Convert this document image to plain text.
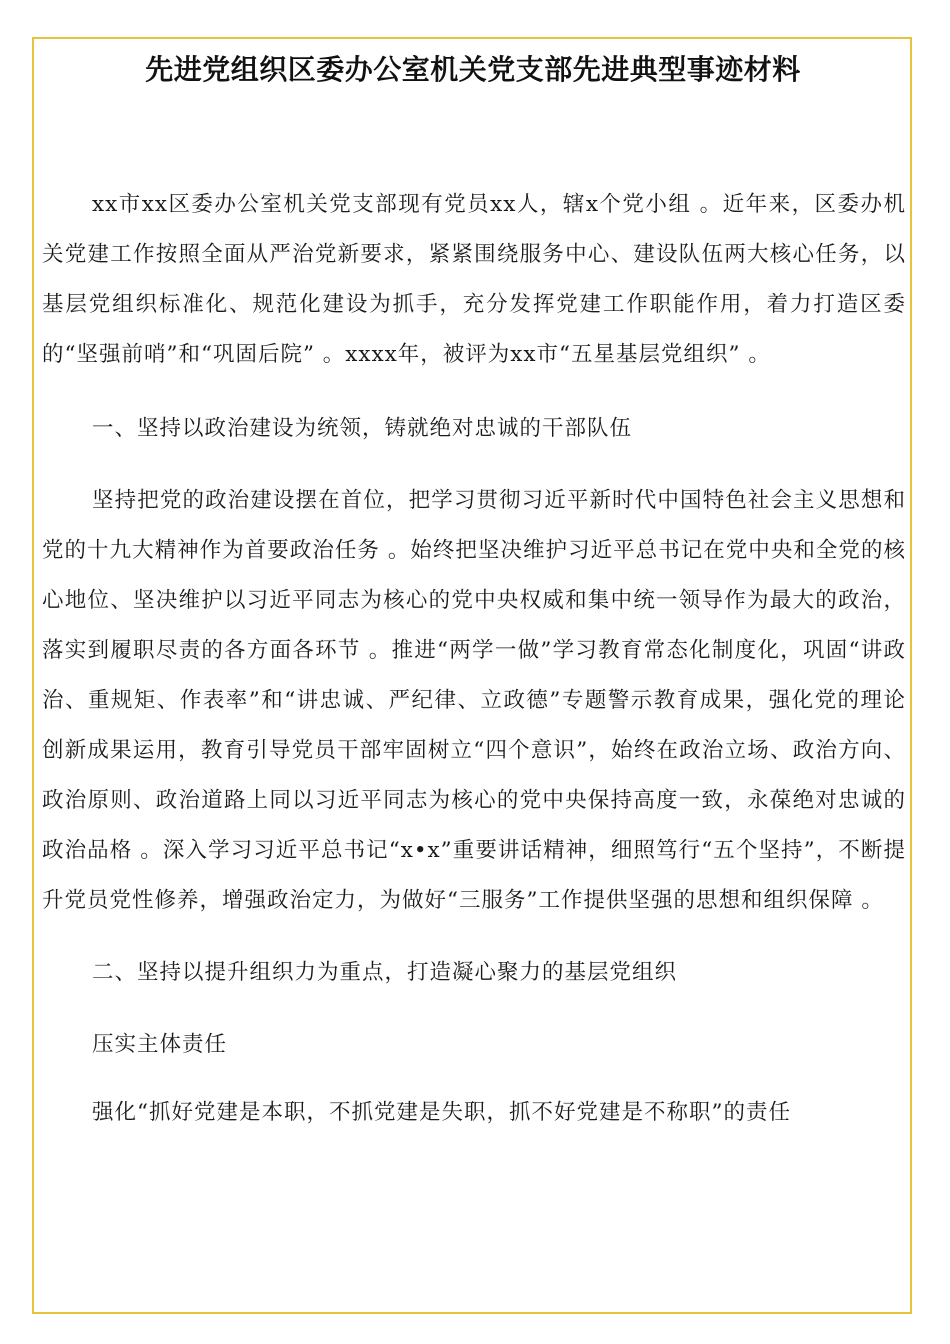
先进党组织区委办公室机关党支部先进典型事迹材料

xx市xx区委办公室机关党支部现有党员xx人，辖x个党小组 。近年来，区委办机关党建工作按照全面从严治党新要求，紧紧围绕服务中心、建设队伍两大核心任务，以基层党组织标准化、规范化建设为抓手，充分发挥党建工作职能作用，着力打造区委的“坚强前哨”和“巩固后院” 。xxxx年，被评为xx市“五星基层党组织” 。

一、坚持以政治建设为统领，铸就绝对忠诚的干部队伍

坚持把党的政治建设摆在首位，把学习贯彻习近平新时代中国特色社会主义思想和党的十九大精神作为首要政治任务 。始终把坚决维护习近平总书记在党中央和全党的核心地位、坚决维护以习近平同志为核心的党中央权威和集中统一领导作为最大的政治，落实到履职尽责的各方面各环节 。推进“两学一做”学习教育常态化制度化，巩固“讲政治、重规矩、作表率”和“讲忠诚、严纪律、立政德”专题警示教育成果，强化党的理论创新成果运用，教育引导党员干部牢固树立“四个意识”，始终在政治立场、政治方向、政治原则、政治道路上同以习近平同志为核心的党中央保持高度一致，永葆绝对忠诚的政治品格 。深入学习习近平总书记“x•x”重要讲话精神，细照笃行“五个坚持”，不断提升党员党性修养，增强政治定力，为做好“三服务”工作提供坚强的思想和组织保障 。

二、坚持以提升组织力为重点，打造凝心聚力的基层党组织

压实主体责任

强化“抓好党建是本职，不抓党建是失职，抓不好党建是不称职”的责任
